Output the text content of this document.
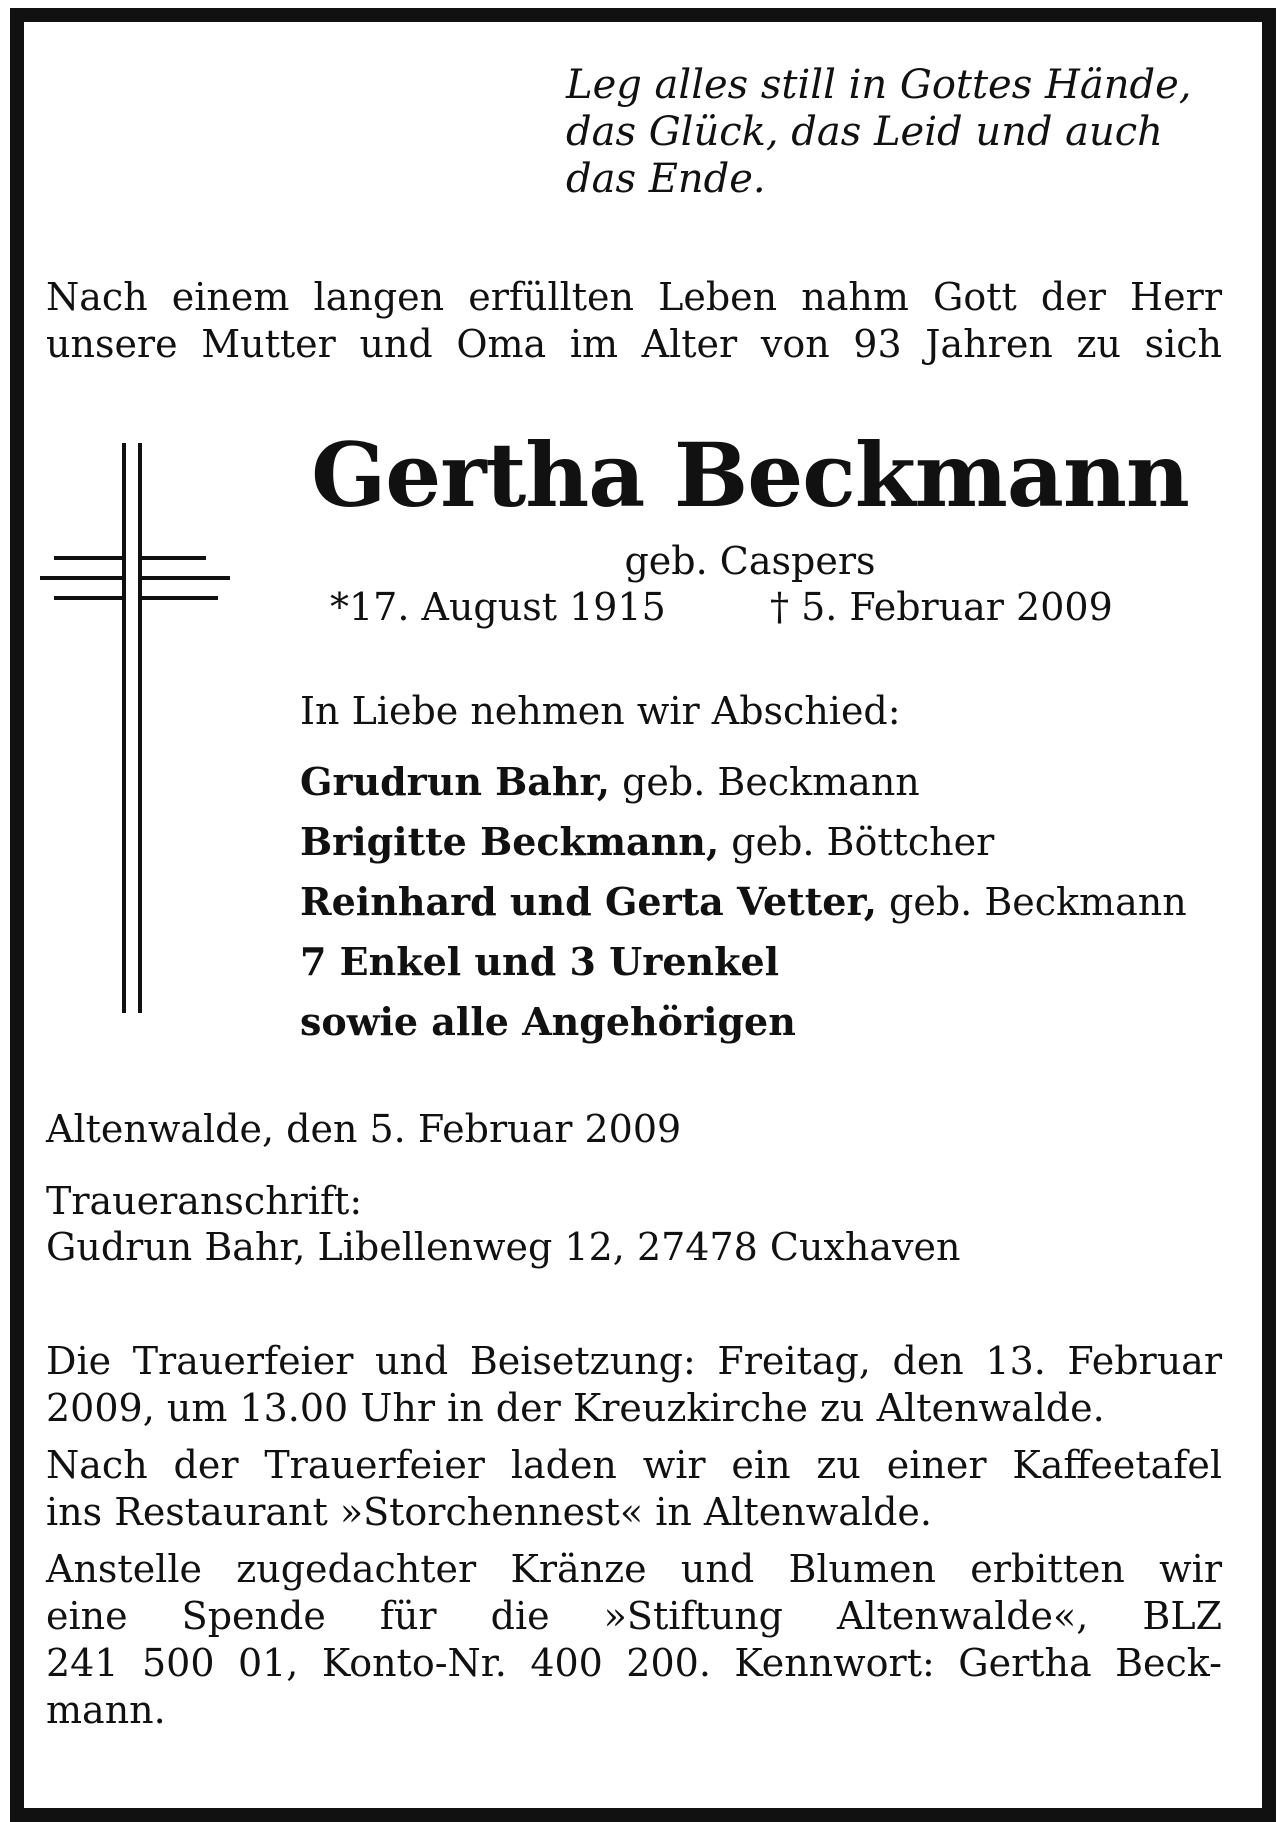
Leg alles still in Gottes Hände,
das Glück, das Leid und auch
das Ende.
Nach einem langen erfüllten Leben nahm Gott der Herr
unsere Mutter und Oma im Alter von 93 Jahren zu sich
Gertha Beckmann
geb. Caspers
*17. August 1915	† 5. Februar 2009
In Liebe nehmen wir Abschied:
Grudrun Bahr, geb. Beckmann
Brigitte Beckmann, geb. Böttcher
Reinhard und Gerta Vetter, geb. Beckmann
7 Enkel und 3 Urenkel
sowie alle Angehörigen
Altenwalde, den 5. Februar 2009
Traueranschrift:
Gudrun Bahr, Libellenweg 12, 27478 Cuxhaven
Die Trauerfeier und Beisetzung: Freitag, den 13. Februar
2009, um 13.00 Uhr in der Kreuzkirche zu Altenwalde.
Nach der Trauerfeier laden wir ein zu einer Kaffeetafel
ins Restaurant »Storchennest« in Altenwalde.
Anstelle zugedachter Kränze und Blumen erbitten wir
eine Spende für die »Stiftung Altenwalde«, BLZ
241 500 01, Konto-Nr. 400 200. Kennwort: Gertha Beck-
mann.
